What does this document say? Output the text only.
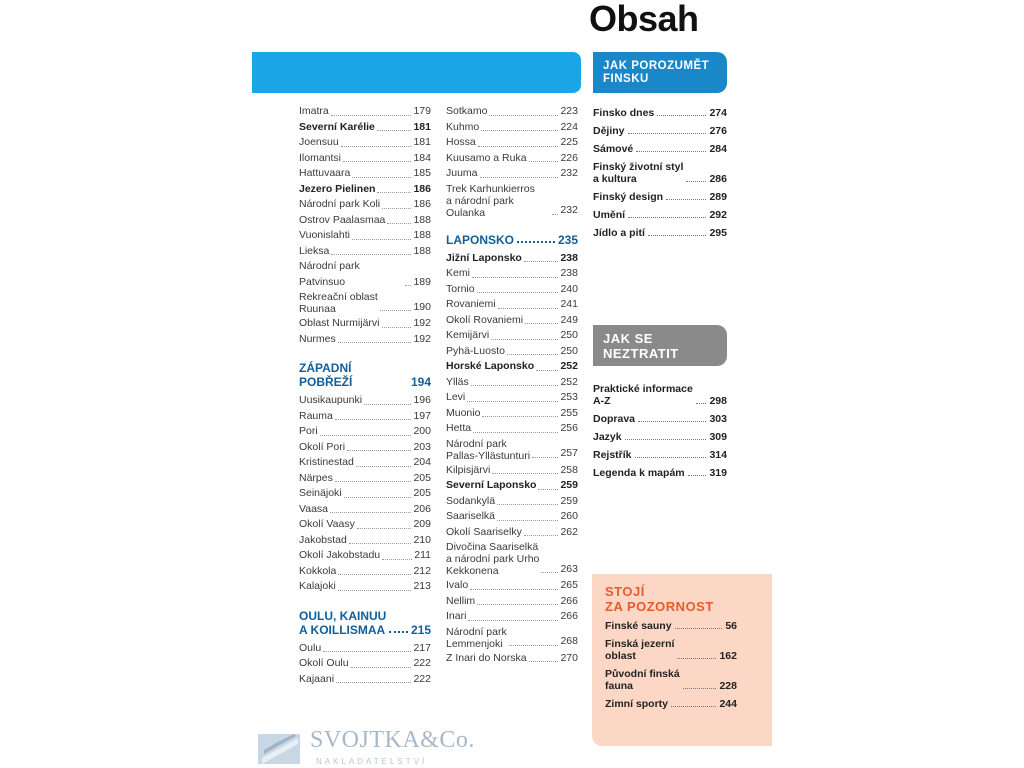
Obsah
Imatra	179
Severní Karélie	181
Joensuu	181
Ilomantsi	184
Hattuvaara	185
Jezero Pielinen	186
Národní park Koli	186
Ostrov Paalasmaa	188
Vuonislahti	188
Lieksa	188
Národní park Patvinsuo	189
Rekreační oblast
Ruunaa	190
Oblast Nurmijärvi	192
Nurmes	192
ZÁPADNÍ POBŘEŽÍ	194
Uusikaupunki	196
Rauma	197
Pori	200
Okolí Pori	203
Kristinestad	204
Närpes	205
Seinäjoki	205
Vaasa	206
Okolí Vaasy	209
Jakobstad	210
Okolí Jakobstadu	211
Kokkola	212
Kalajoki	213
OULU, KAINUU
A KOILLISMAA 215
Oulu	217
Okolí Oulu	222
Kajaani	222
Sotkamo	223
Kuhmo	224
Hossa	225
Kuusamo a Ruka	226
Juuma	232
Trek Karhunkierros
a národní park Oulanka	232
LAPONSKO	235
Jižní Laponsko	238
Kemi	238
Tornio	240
Rovaniemi	241
Okolí Rovaniemi	249
Kemijärvi	250
Pyhä-Luosto	250
Horské Laponsko	252
Ylläs	252
Levi	253
Muonio	255
Hetta	256
Národní park
Pallas-Yllästunturi	257
Kilpisjärvi	258
Severní Laponsko 259
Sodankylä	259
Saariselkä	260
Okolí Saariselky	262
Divočina Saariselkä
a národní park Urho
Kekkonena	263
Ivalo	265
Nellim	266
Inari	266
Národní park
Lemmenjoki	268
Z Inari do Norska	270
JAK POROZUMĚT
FINSKU
Finsko dnes	274
Dějiny	276
Sámové	284
Finský životní styl
a kultura	286
Finský design	289
Umění	292
Jídlo a pití	295
JAK SE
NEZTRATIT
Praktické informace
A-Z	298
Doprava	303
Jazyk	309
Rejstřík	314
Legenda k mapám 319
STOJÍ
ZA POZORNOST
Finské sauny	56
Finská jezerní
oblast	162
Původní finská
fauna	228
Zimní sporty	244
SVOJTKA&Co.
NAKLADATELSTVÍ
